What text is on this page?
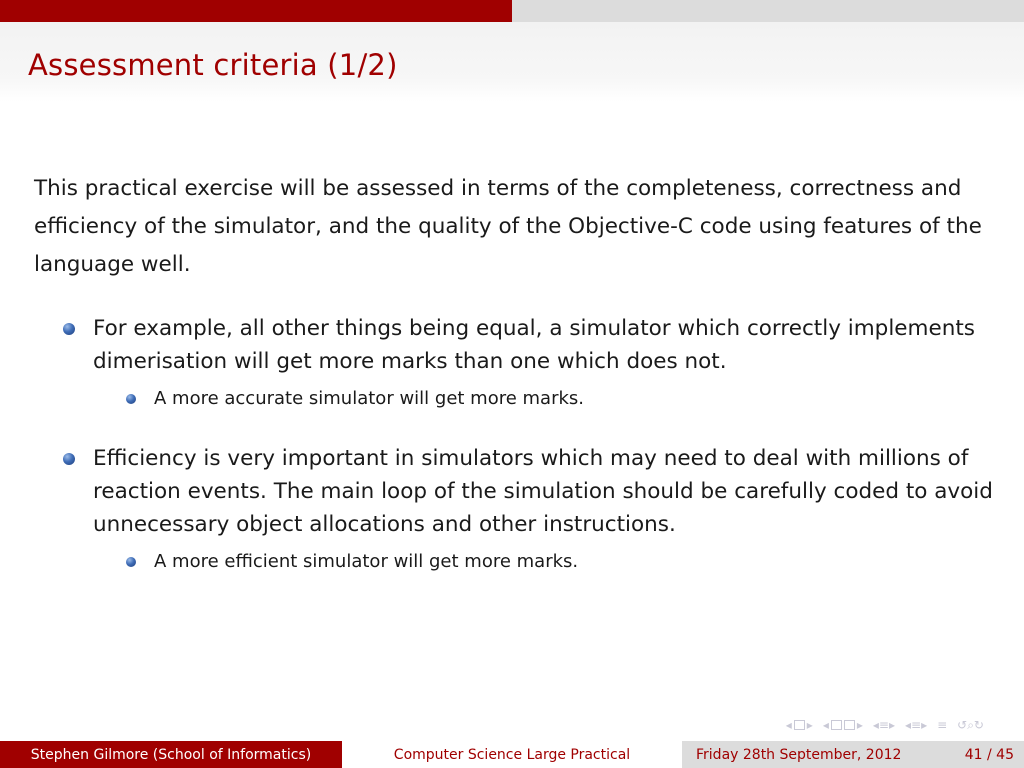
Assessment criteria (1/2)

This practical exercise will be assessed in terms of the completeness, correctness and efficiency of the simulator, and the quality of the Objective-C code using features of the language well.

For example, all other things being equal, a simulator which correctly implements dimerisation will get more marks than one which does not.
A more accurate simulator will get more marks.
Efficiency is very important in simulators which may need to deal with millions of reaction events. The main loop of the simulation should be carefully coded to avoid unnecessary object allocations and other instructions.
A more efficient simulator will get more marks.
◂ ▸ ◂ ▸ ◂≡▸ ◂≡▸ ≡ ↺⌕↻
Stephen Gilmore (School of Informatics)	Computer Science Large Practical	Friday 28th September, 2012	41 / 45
